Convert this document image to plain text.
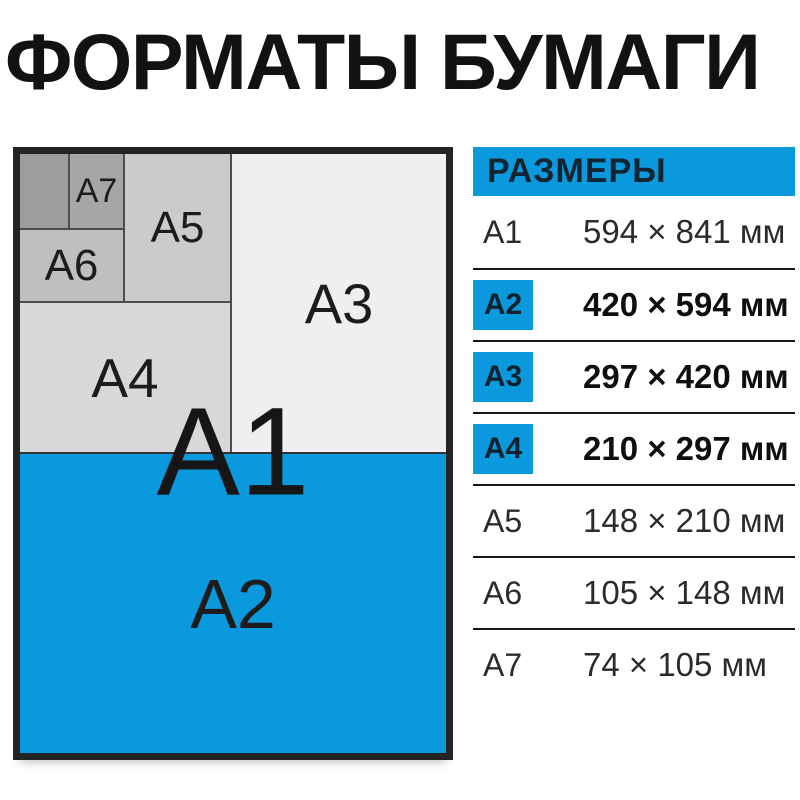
ФОРМАТЫ БУМАГИ
A7
A6
A5
A4
A3
A2
A1
РАЗМЕРЫ
A1	594 × 841 мм
A2	420 × 594 мм
A3	297 × 420 мм
A4	210 × 297 мм
A5	148 × 210 мм
A6	105 × 148 мм
A7	74 × 105 мм
